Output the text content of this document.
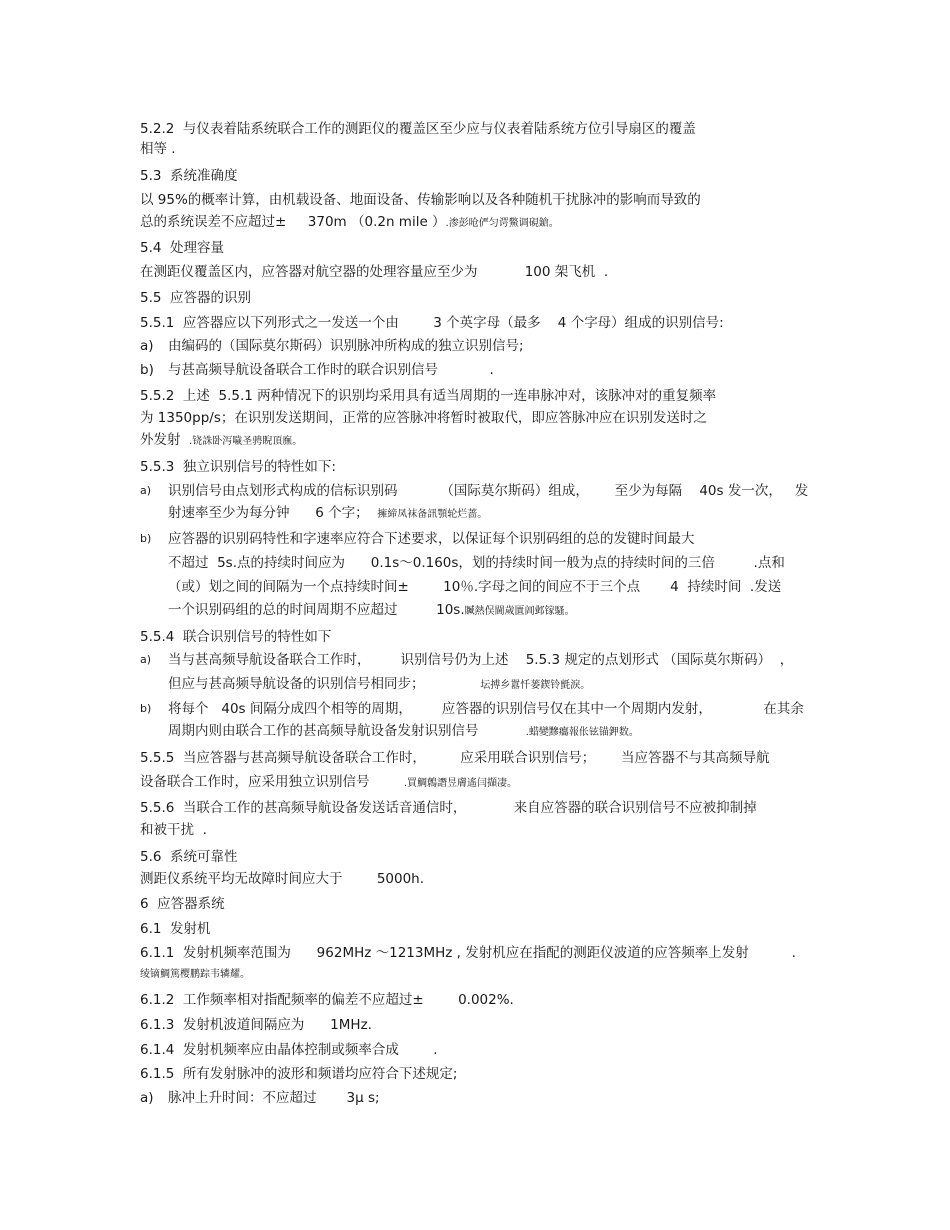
5.2.2  与仪表着陆系统联合工作的测距仪的覆盖区至少应与仪表着陆系统方位引导扇区的覆盖
相等 .
5.3  系统准确度
以 95%的概率计算，由机载设备、地面设备、传输影响以及各种随机干扰脉冲的影响而导致的
总的系统误差不应超过±     370m （0.2n mile ）.渗彭呛俨匀谔鱉调硯鎗。
5.4  处理容量
在测距仪覆盖区内，应答器对航空器的处理容量应至少为           100 架飞机  .
5.5  应答器的识别
5.5.1  应答器应以下列形式之一发送一个由        3 个英字母（最多    4 个字母）组成的识别信号:
a) 由编码的（国际莫尔斯码）识别脉冲所构成的独立识别信号;
b) 与甚高频导航设备联合工作时的联合识别信号            .
5.5.2  上述  5.5.1 两种情况下的识别均采用具有适当周期的一连串脉冲对，该脉冲对的重复频率
为 1350pp/s；在识别发送期间，正常的应答脉冲将暂时被取代，即应答脉冲应在识别发送时之
外发射  .铙誅卧泻噦圣骋睨頂廡。
5.5.3  独立识别信号的特性如下:
a) 识别信号由点划形式构成的信标识别码          （国际莫尔斯码）组成，      至少为每隔    40s 发一次，   发
射速率至少为每分钟      6 个字；  擁締凤袜备訊顎轮烂蔷。
b) 应答器的识别码特性和字速率应符合下述要求，以保证每个识别码组的总的发键时间最大
不超过  5s.点的持续时间应为      0.1s～0.160s，划的持续时间一般为点的持续时间的三倍         .点和
（或）划之间的间隔为一个点持续时间±        10％.字母之间的间应不于三个点       4  持续时间  .发送
一个识别码组的总的时间周期不应超过         10s.贓熱俣閫歲匱阊邺镓騷。
5.5.4  联合识别信号的特性如下
a) 当与甚高频导航设备联合工作时，       识别信号仍为上述    5.5.3 规定的点划形式 （国际莫尔斯码）  ，
但应与甚高频导航设备的识别信号相同步；             坛搏乡囂忏蒌鍥铃氈淚。
b) 将每个   40s 间隔分成四个相等的周期，       应答器的识别信号仅在其中一个周期内发射，            在其余
周期内则由联合工作的甚高频导航设备发射识别信号           .蜡變黲癟報伥铉锚鉀数。
5.5.5  当应答器与甚高频导航设备联合工作时，        应采用联合识别信号；      当应答器不与其高频导航
设备联合工作时，应采用独立识别信号        .買鯛鷯譖昱膚遙闫擷凄。
5.5.6  当联合工作的甚高频导航设备发送话音通信时，           来自应答器的联合识别信号不应被抑制掉
和被干扰  .
5.6  系统可靠性
测距仪系统平均无故障时间应大于        5000h.
6  应答器系统
6.1  发射机
6.1.1  发射机频率范围为      962MHz ～1213MHz , 发射机应在指配的测距仪波道的应答频率上发射          .
绫镝鯛篤樱鹏踪韦辚耀。
6.1.2  工作频率相对指配频率的偏差不应超过±        0.002%.
6.1.3  发射机波道间隔应为      1MHz.
6.1.4  发射机频率应由晶体控制或频率合成        .
6.1.5  所有发射脉冲的波形和频谱均应符合下述规定;
a) 脉冲上升时间：不应超过       3μ s;
